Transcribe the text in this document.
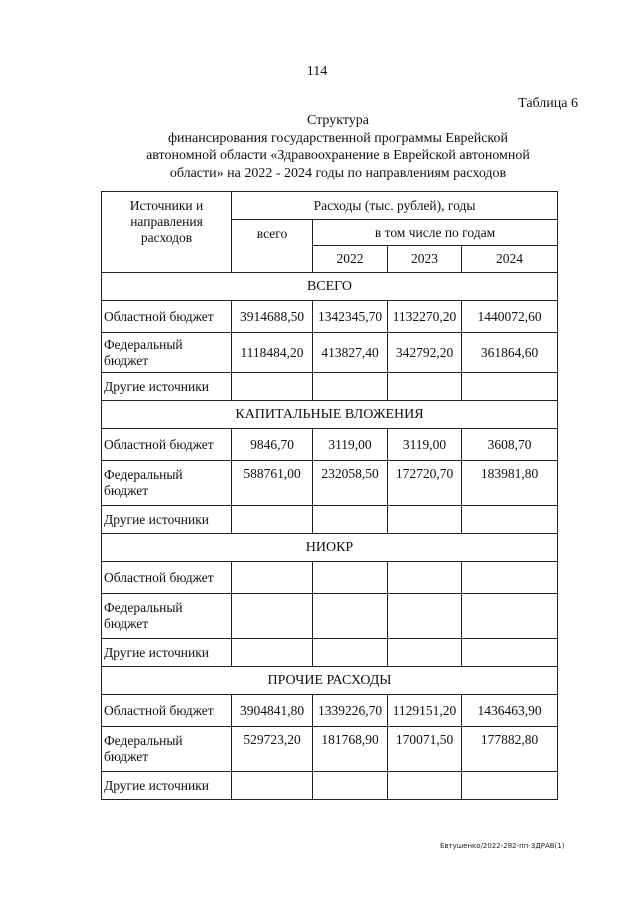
114
Таблица 6
Структура
финансирования государственной программы Еврейской
автономной области «Здравоохранение в Еврейской автономной
области» на 2022 - 2024 годы по направлениям расходов
Источники и направления расходов	Расходы (тыс. рублей), годы			
	всего	в том числе по годам		
		2022	2023	2024
ВСЕГО				
Областной бюджет	3914688,50	1342345,70	1132270,20	1440072,60
Федеральный бюджет	1118484,20	413827,40	342792,20	361864,60
Другие источники				
КАПИТАЛЬНЫЕ ВЛОЖЕНИЯ				
Областной бюджет	9846,70	3119,00	3119,00	3608,70
Федеральный бюджет	588761,00	232058,50	172720,70	183981,80
Другие источники				
НИОКР				
Областной бюджет				
Федеральный бюджет				
Другие источники				
ПРОЧИЕ РАСХОДЫ				
Областной бюджет	3904841,80	1339226,70	1129151,20	1436463,90
Федеральный бюджет	529723,20	181768,90	170071,50	177882,80
Другие источники				
Евтушенко/2022-282-пп-ЗДРАВ(1)
